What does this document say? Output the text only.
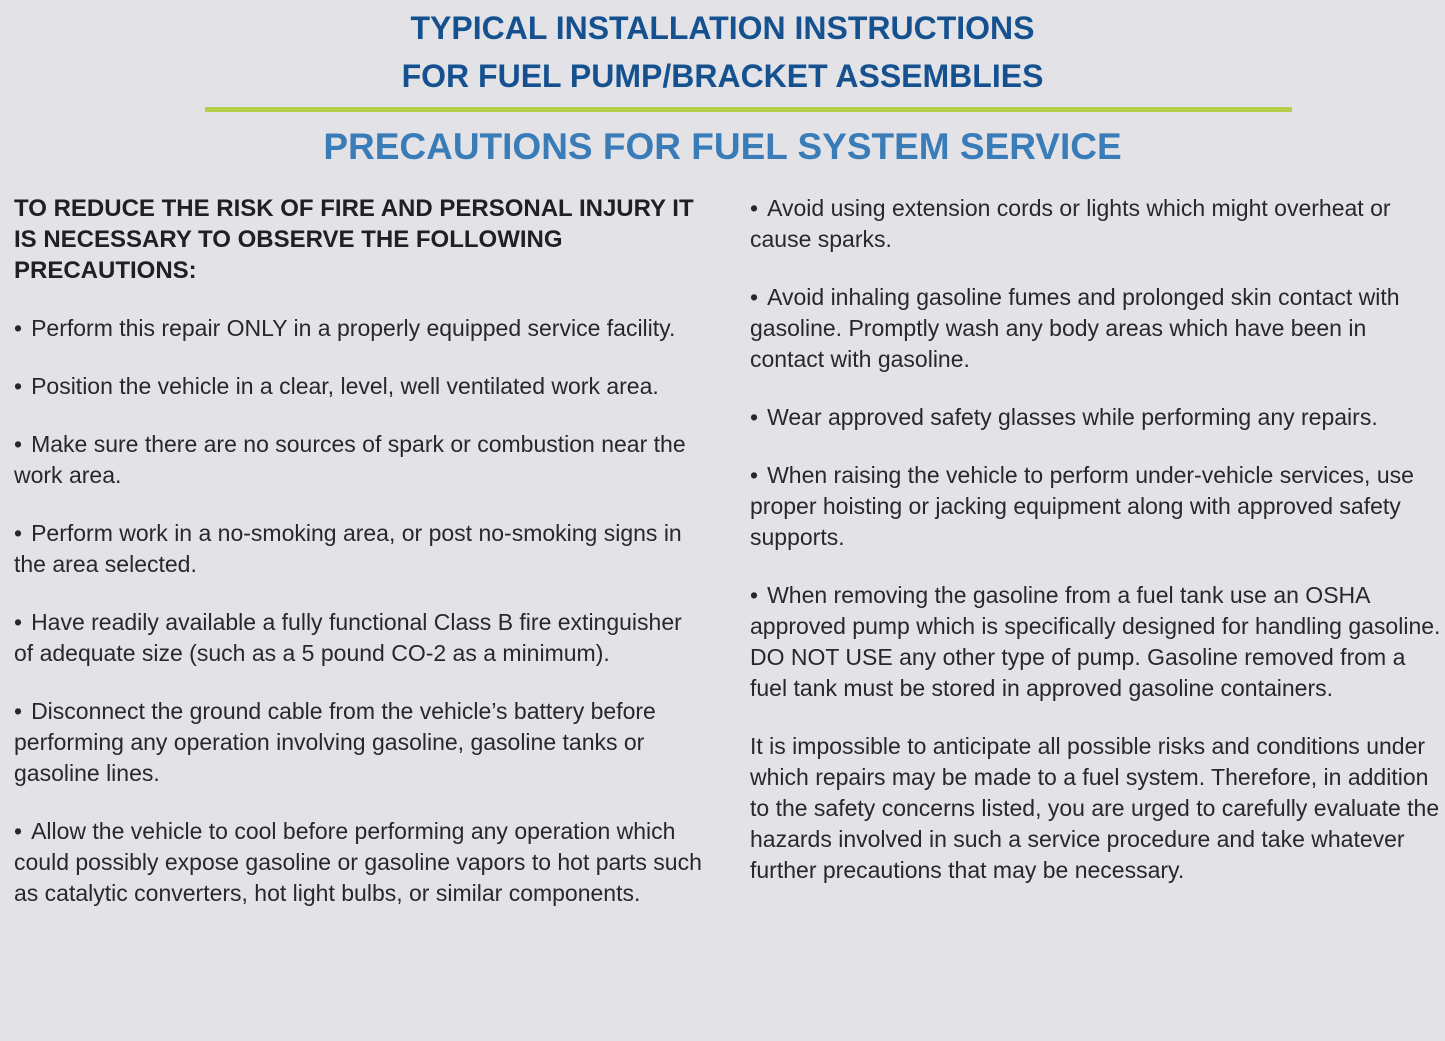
TYPICAL INSTALLATION INSTRUCTIONS
FOR FUEL PUMP/BRACKET ASSEMBLIES
PRECAUTIONS FOR FUEL SYSTEM SERVICE

TO REDUCE THE RISK OF FIRE AND PERSONAL INJURY IT IS NECESSARY TO OBSERVE THE FOLLOWING PRECAUTIONS:

• Perform this repair ONLY in a properly equipped service facility.

• Position the vehicle in a clear, level, well ventilated work area.

• Make sure there are no sources of spark or combustion near the work area.

• Perform work in a no-smoking area, or post no-smoking signs in the area selected.

• Have readily available a fully functional Class B fire extinguisher of adequate size (such as a 5 pound CO-2 as a minimum).

• Disconnect the ground cable from the vehicle’s battery before performing any operation involving gasoline, gasoline tanks or gasoline lines.

• Allow the vehicle to cool before performing any operation which could possibly expose gasoline or gasoline vapors to hot parts such as catalytic converters, hot light bulbs, or similar components.

• Avoid using extension cords or lights which might overheat or cause sparks.

• Avoid inhaling gasoline fumes and prolonged skin contact with gasoline. Promptly wash any body areas which have been in contact with gasoline.

• Wear approved safety glasses while performing any repairs.

• When raising the vehicle to perform under-vehicle services, use proper hoisting or jacking equipment along with approved safety supports.

• When removing the gasoline from a fuel tank use an OSHA approved pump which is specifically designed for handling gasoline. DO NOT USE any other type of pump. Gasoline removed from a fuel tank must be stored in approved gasoline containers.

It is impossible to anticipate all possible risks and conditions under which repairs may be made to a fuel system. Therefore, in addition to the safety concerns listed, you are urged to carefully evaluate the hazards involved in such a service procedure and take whatever further precautions that may be necessary.
